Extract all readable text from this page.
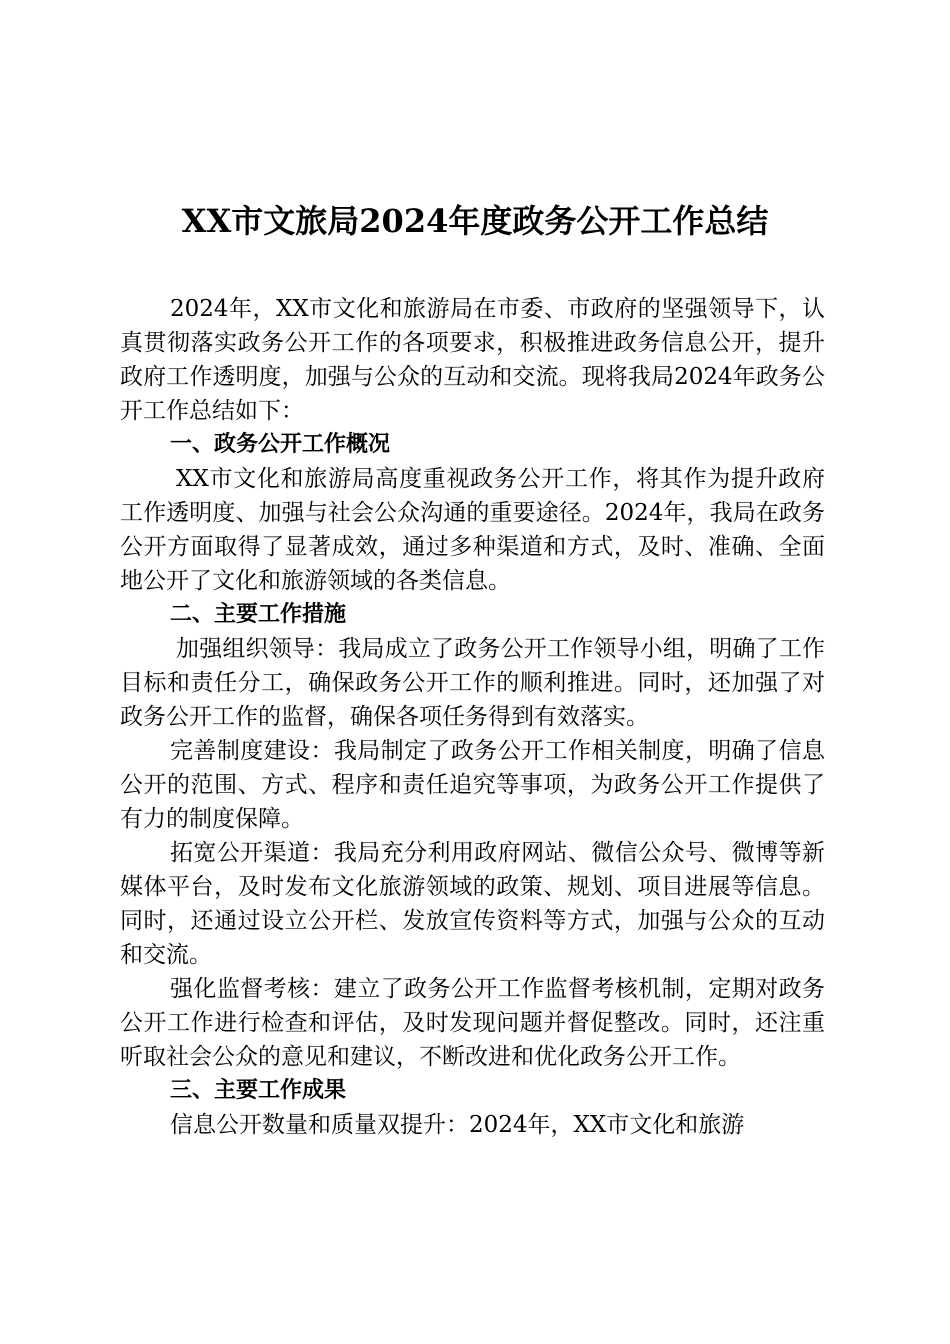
XX市文旅局2024年度政务公开工作总结

2024年，XX市文化和旅游局在市委、市政府的坚强领导下，认真贯彻落实政务公开工作的各项要求，积极推进政务信息公开，提升政府工作透明度，加强与公众的互动和交流。现将我局2024年政务公开工作总结如下：

一、政务公开工作概况

XX市文化和旅游局高度重视政务公开工作，将其作为提升政府工作透明度、加强与社会公众沟通的重要途径。2024年，我局在政务公开方面取得了显著成效，通过多种渠道和方式，及时、准确、全面地公开了文化和旅游领域的各类信息。

二、主要工作措施

加强组织领导：我局成立了政务公开工作领导小组，明确了工作目标和责任分工，确保政务公开工作的顺利推进。同时，还加强了对政务公开工作的监督，确保各项任务得到有效落实。

完善制度建设：我局制定了政务公开工作相关制度，明确了信息公开的范围、方式、程序和责任追究等事项，为政务公开工作提供了有力的制度保障。

拓宽公开渠道：我局充分利用政府网站、微信公众号、微博等新媒体平台，及时发布文化旅游领域的政策、规划、项目进展等信息。同时，还通过设立公开栏、发放宣传资料等方式，加强与公众的互动和交流。

强化监督考核：建立了政务公开工作监督考核机制，定期对政务公开工作进行检查和评估，及时发现问题并督促整改。同时，还注重听取社会公众的意见和建议，不断改进和优化政务公开工作。

三、主要工作成果

信息公开数量和质量双提升：2024年，XX市文化和旅游
